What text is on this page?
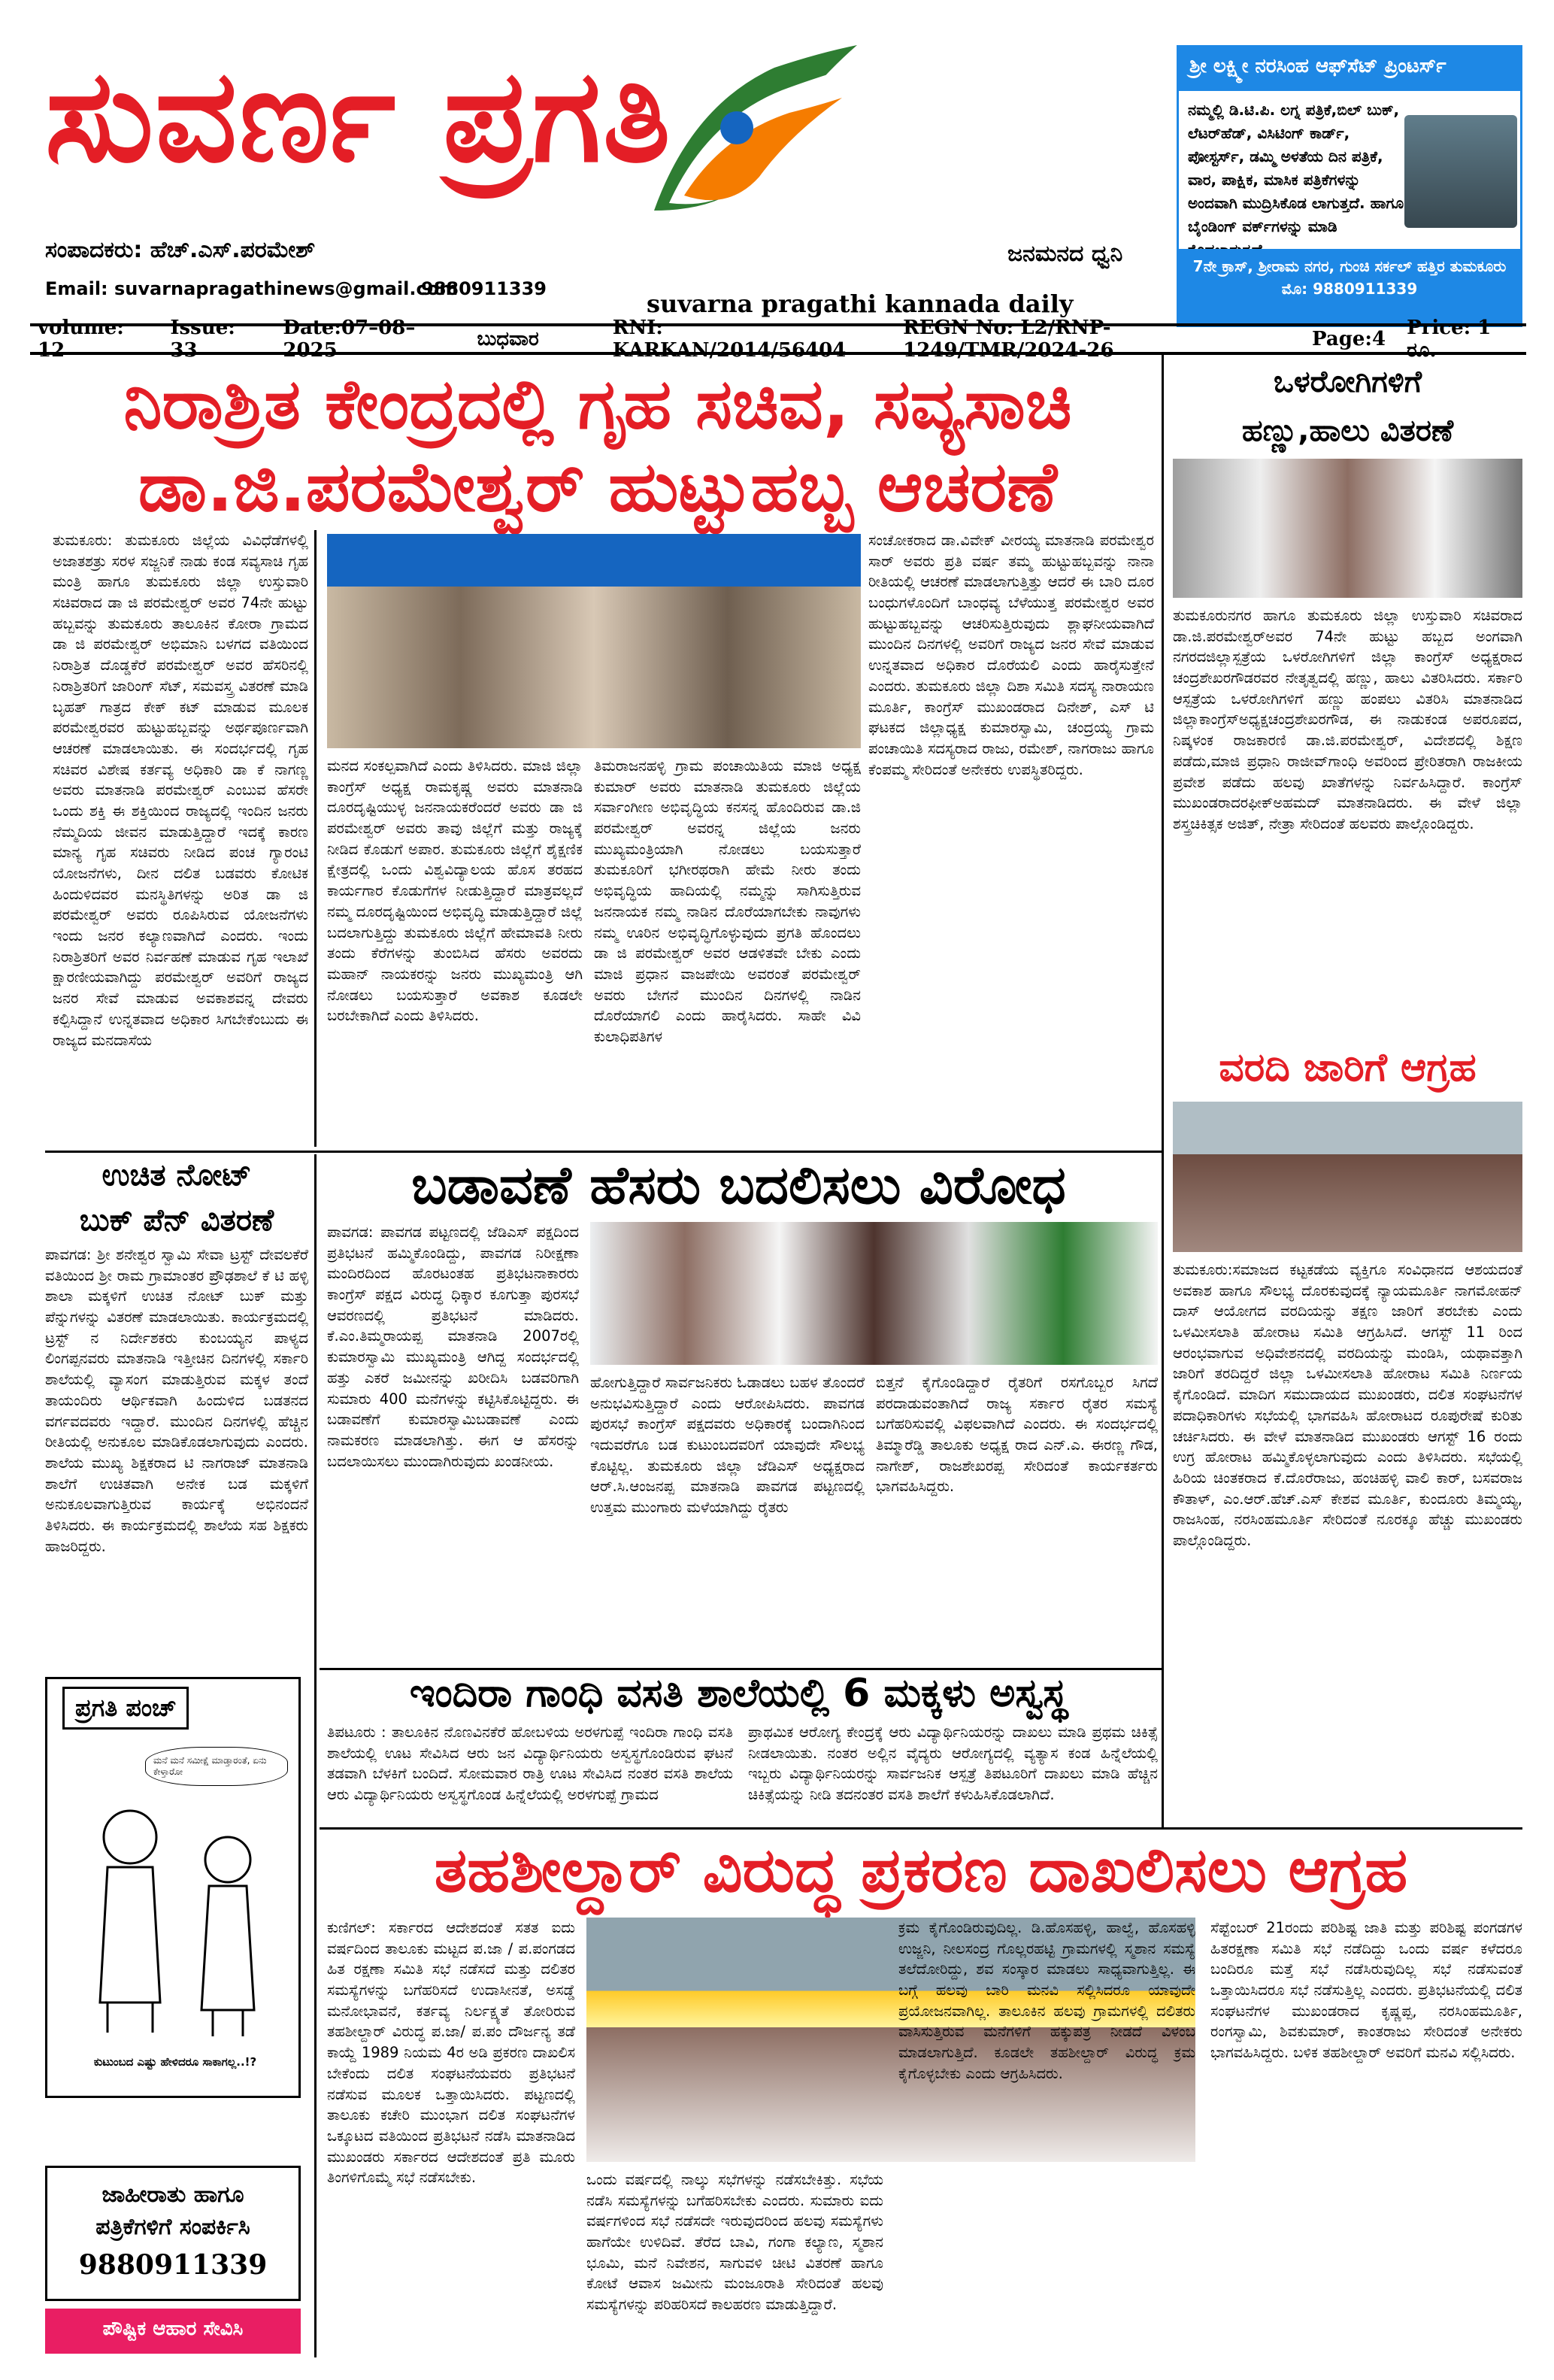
ಸುವರ್ಣ ಪ್ರಗತಿ
ಸಂಪಾದಕರು: ಹೆಚ್.ಎಸ್.ಪರಮೇಶ್
Email: suvarnapragathinews@gmail.com
9880911339
ಜನಮನದ ಧ್ವನಿ
suvarna pragathi kannada daily
ಶ್ರೀ ಲಕ್ಷ್ಮೀ ನರಸಿಂಹ ಆಫ್‌ಸೆಟ್ ಪ್ರಿಂಟರ್ಸ್
ನಮ್ಮಲ್ಲಿ ಡಿ.ಟಿ.ಪಿ. ಲಗ್ನ ಪತ್ರಿಕೆ,ಬಿಲ್ ಬುಕ್, ಲೆಟರ್‌ಹೆಡ್, ವಿಸಿಟಿಂಗ್ ಕಾರ್ಡ್, ಪೋಸ್ಟರ್ಸ್, ಡಮ್ಮಿ ಅಳತೆಯ ದಿನ ಪತ್ರಿಕೆ, ವಾರ, ಪಾಕ್ಷಿಕ, ಮಾಸಿಕ ಪತ್ರಿಕೆಗಳನ್ನು ಅಂದವಾಗಿ ಮುದ್ರಿಸಿಕೊಡ ಲಾಗುತ್ತದೆ. ಹಾಗೂ ಬೈಂಡಿಂಗ್ ವರ್ಕ್‌ಗಳನ್ನು ಮಾಡಿ
7ನೇ ಕ್ರಾಸ್, ಶ್ರೀರಾಮ ನಗರ, ಗುಂಚಿ ಸರ್ಕಲ್ ಹತ್ತಿರ ತುಮಕೂರು ಮೊ: 9880911339
volume: 12
Issue: 33
Date:07–08–2025
ಬುಧವಾರ	RNI: KARKAN/2014/56404
REGN No: L2/RNP-1249/TMR/2024-26	Page:4
Price: 1 ರೂ.
ನಿರಾಶ್ರಿತ ಕೇಂದ್ರದಲ್ಲಿ ಗೃಹ ಸಚಿವ, ಸವ್ಯಸಾಚಿ
ಡಾ.ಜಿ.ಪರಮೇಶ್ವರ್ ಹುಟ್ಟುಹಬ್ಬ ಆಚರಣೆ
ತುಮಕೂರು: ತುಮಕೂರು ಜಿಲ್ಲೆಯ ವಿವಿಧೆಡೆಗಳಲ್ಲಿ ಅಜಾತಶತ್ರು ಸರಳ ಸಜ್ಜನಿಕೆ ನಾಡು ಕಂಡ ಸವ್ಯಸಾಚಿ ಗೃಹ ಮಂತ್ರಿ ಹಾಗೂ ತುಮಕೂರು ಜಿಲ್ಲಾ ಉಸ್ತುವಾರಿ ಸಚಿವರಾದ ಡಾ ಜಿ ಪರಮೇಶ್ವರ್ ಅವರ 74ನೇ ಹುಟ್ಟು ಹಬ್ಬವನ್ನು ತುಮಕೂರು ತಾಲೂಕಿನ ಕೋರಾ ಗ್ರಾಮದ ಡಾ ಜಿ ಪರಮೇಶ್ವರ್ ಅಭಿಮಾನಿ ಬಳಗದ ವತಿಯಿಂದ ನಿರಾಶ್ರಿತ ದೊಡ್ಡಕೆರೆ ಪರಮೇಶ್ವರ್ ಅವರ ಹೆಸರಿನಲ್ಲಿ ನಿರಾಶ್ರಿತರಿಗೆ ಜಾರಿಂಗ್ ಸೆಟ್, ಸಮವಸ್ತ್ರ ವಿತರಣೆ ಮಾಡಿ ಬೃಹತ್ ಗಾತ್ರದ ಕೇಕ್ ಕಟ್ ಮಾಡುವ ಮೂಲಕ ಪರಮೇಶ್ವರವರ ಹುಟ್ಟುಹಬ್ಬವನ್ನು ಅರ್ಥಪೂರ್ಣವಾಗಿ ಆಚರಣೆ ಮಾಡಲಾಯಿತು. ಈ ಸಂದರ್ಭದಲ್ಲಿ ಗೃಹ ಸಚಿವರ ವಿಶೇಷ ಕರ್ತವ್ಯ ಅಧಿಕಾರಿ ಡಾ ಕೆ ನಾಗಣ್ಣ ಅವರು ಮಾತನಾಡಿ ಪರಮೇಶ್ವರ್ ಎಂಬುವ ಹೆಸರೇ ಒಂದು ಶಕ್ತಿ ಈ ಶಕ್ತಿಯಿಂದ ರಾಜ್ಯದಲ್ಲಿ ಇಂದಿನ ಜನರು ನೆಮ್ಮದಿಯ ಜೀವನ ಮಾಡುತ್ತಿದ್ದಾರೆ ಇದಕ್ಕೆ ಕಾರಣ ಮಾನ್ಯ ಗೃಹ ಸಚಿವರು ನೀಡಿದ ಪಂಚ ಗ್ಯಾರಂಟಿ ಯೋಜನೆಗಳು, ದೀನ ದಲಿತ ಬಡವರು ಕೋಟಿಕ ಹಿಂದುಳಿದವರ ಮನಸ್ಥಿತಿಗಳನ್ನು ಅರಿತ ಡಾ ಜಿ ಪರಮೇಶ್ವರ್ ಅವರು ರೂಪಿಸಿರುವ ಯೋಜನೆಗಳು ಇಂದು ಜನರ ಕಲ್ಯಾಣವಾಗಿದೆ ಎಂದರು. ಇಂದು ನಿರಾಶ್ರಿತರಿಗೆ ಅವರ ನಿರ್ವಹಣೆ ಮಾಡುವ ಗೃಹ ಇಲಾಖೆ ಕ್ಷಾರಣೀಯವಾಗಿದ್ದು ಪರಮೇಶ್ವರ್ ಅವರಿಗೆ ರಾಜ್ಯದ ಜನರ ಸೇವೆ ಮಾಡುವ ಅವಕಾಶವನ್ನ ದೇವರು ಕಲ್ಪಿಸಿದ್ದಾನೆ ಉನ್ನತವಾದ ಅಧಿಕಾರ ಸಿಗಬೇಕೆಂಬುದು ಈ ರಾಜ್ಯದ ಮನದಾಸೆಯ
ಮನದ ಸಂಕಲ್ಪವಾಗಿದೆ ಎಂದು ತಿಳಿಸಿದರು. ಮಾಜಿ ಜಿಲ್ಲಾ ಕಾಂಗ್ರೆಸ್ ಅಧ್ಯಕ್ಷ ರಾಮಕೃಷ್ಣ ಅವರು ಮಾತನಾಡಿ ದೂರದೃಷ್ಟಿಯುಳ್ಳ ಜನನಾಯಕರೆಂದರೆ ಅವರು ಡಾ ಜಿ ಪರಮೇಶ್ವರ್ ಅವರು ತಾವು ಜಿಲ್ಲೆಗೆ ಮತ್ತು ರಾಜ್ಯಕ್ಕೆ ನೀಡಿದ ಕೊಡುಗೆ ಅಪಾರ. ತುಮಕೂರು ಜಿಲ್ಲೆಗೆ ಶೈಕ್ಷಣಿಕ ಕ್ಷೇತ್ರದಲ್ಲಿ ಒಂದು ವಿಶ್ವವಿದ್ಯಾಲಯ ಹೊಸ ತರಹದ ಕಾರ್ಯಗಾರ ಕೊಡುಗೆಗಳ ನೀಡುತ್ತಿದ್ದಾರೆ ಮಾತ್ರವಲ್ಲದೆ ನಮ್ಮ ದೂರದೃಷ್ಟಿಯಿಂದ ಅಭಿವೃದ್ಧಿ ಮಾಡುತ್ತಿದ್ದಾರೆ ಜಿಲ್ಲೆ ಬದಲಾಗುತ್ತಿದ್ದು ತುಮಕೂರು ಜಿಲ್ಲೆಗೆ ಹೇಮಾವತಿ ನೀರು ತಂದು ಕೆರೆಗಳನ್ನು ತುಂಬಿಸಿದ ಹೆಸರು ಅವರದು ಮಹಾನ್ ನಾಯಕರನ್ನು ಜನರು ಮುಖ್ಯಮಂತ್ರಿ ಆಗಿ ನೋಡಲು ಬಯಸುತ್ತಾರೆ ಅವಕಾಶ ಕೂಡಲೇ ಬರಬೇಕಾಗಿದೆ ಎಂದು ತಿಳಿಸಿದರು.
ತಿಮರಾಜನಹಳ್ಳಿ ಗ್ರಾಮ ಪಂಚಾಯಿತಿಯ ಮಾಜಿ ಅಧ್ಯಕ್ಷ ಕುಮಾರ್ ಅವರು ಮಾತನಾಡಿ ತುಮಕೂರು ಜಿಲ್ಲೆಯ ಸರ್ವಾಂಗೀಣ ಅಭಿವೃದ್ಧಿಯ ಕನಸನ್ನ ಹೊಂದಿರುವ ಡಾ.ಜಿ ಪರಮೇಶ್ವರ್ ಅವರನ್ನ ಜಿಲ್ಲೆಯ ಜನರು ಮುಖ್ಯಮಂತ್ರಿಯಾಗಿ ನೋಡಲು ಬಯಸುತ್ತಾರೆ ತುಮಕೂರಿಗೆ ಭಗೀರಥರಾಗಿ ಹೇಮೆ ನೀರು ತಂದು ಅಭಿವೃದ್ಧಿಯ ಹಾದಿಯಲ್ಲಿ ನಮ್ಮನ್ನು ಸಾಗಿಸುತ್ತಿರುವ ಜನನಾಯಕ ನಮ್ಮ ನಾಡಿನ ದೊರೆಯಾಗಬೇಕು ನಾವುಗಳು ನಮ್ಮ ಊರಿನ ಅಭಿವೃದ್ಧಿಗೊಳ್ಳುವುದು ಪ್ರಗತಿ ಹೊಂದಲು ಡಾ ಜಿ ಪರಮೇಶ್ವರ್ ಅವರ ಆಡಳಿತವೇ ಬೇಕು ಎಂದು ಮಾಜಿ ಪ್ರಧಾನ ವಾಜಪೇಯಿ ಅವರಂತೆ ಪರಮೇಶ್ವರ್ ಅವರು ಬೇಗನೆ ಮುಂದಿನ ದಿನಗಳಲ್ಲಿ ನಾಡಿನ ದೊರೆಯಾಗಲಿ ಎಂದು ಹಾರೈಸಿದರು. ಸಾಹೇ ವಿವಿ ಕುಲಾಧಿಪತಿಗಳ
ಸಂಚೋಕರಾದ ಡಾ.ವಿವೇಕ್ ವೀರಯ್ಯ ಮಾತನಾಡಿ ಪರಮೇಶ್ವರ ಸಾರ್ ಅವರು ಪ್ರತಿ ವರ್ಷ ತಮ್ಮ ಹುಟ್ಟುಹಬ್ಬವನ್ನು ನಾನಾ ರೀತಿಯಲ್ಲಿ ಆಚರಣೆ ಮಾಡಲಾಗುತ್ತಿತ್ತು ಆದರೆ ಈ ಬಾರಿ ದೂರ ಬಂಧುಗಳೊಂದಿಗೆ ಬಾಂಧವ್ಯ ಬೆಳೆಯುತ್ತ ಪರಮೇಶ್ವರ ಅವರ ಹುಟ್ಟುಹಬ್ಬವನ್ನು ಆಚರಿಸುತ್ತಿರುವುದು ಶ್ಲಾಘನೀಯವಾಗಿದೆ ಮುಂದಿನ ದಿನಗಳಲ್ಲಿ ಅವರಿಗೆ ರಾಜ್ಯದ ಜನರ ಸೇವೆ ಮಾಡುವ ಉನ್ನತವಾದ ಅಧಿಕಾರ ದೊರೆಯಲಿ ಎಂದು ಹಾರೈಸುತ್ತೇನೆ ಎಂದರು. ತುಮಕೂರು ಜಿಲ್ಲಾ ದಿಶಾ ಸಮಿತಿ ಸದಸ್ಯ ನಾರಾಯಣ ಮೂರ್ತಿ, ಕಾಂಗ್ರೆಸ್ ಮುಖಂಡರಾದ ದಿನೇಶ್, ಎಸ್ ಟಿ ಘಟಕದ ಜಿಲ್ಲಾಧ್ಯಕ್ಷ ಕುಮಾರಸ್ವಾಮಿ, ಚಂದ್ರಯ್ಯ ಗ್ರಾಮ ಪಂಚಾಯಿತಿ ಸದಸ್ಯರಾದ ರಾಜು, ರಮೇಶ್, ನಾಗರಾಜು ಹಾಗೂ ಕೆಂಪಮ್ಮ ಸೇರಿದಂತೆ ಅನೇಕರು ಉಪಸ್ಥಿತರಿದ್ದರು.
ಒಳರೋಗಿಗಳಿಗೆ
ಹಣ್ಣು,ಹಾಲು ವಿತರಣೆ
ತುಮಕೂರುನಗರ ಹಾಗೂ ತುಮಕೂರು ಜಿಲ್ಲಾ ಉಸ್ತುವಾರಿ ಸಚಿವರಾದ ಡಾ.ಜಿ.ಪರಮೇಶ್ವರ್‌ಅವರ 74ನೇ ಹುಟ್ಟು ಹಬ್ಬದ ಅಂಗವಾಗಿ ನಗರದಜಿಲ್ಲಾಸ್ಪತ್ರೆಯ ಒಳರೋಗಿಗಳಿಗೆ ಜಿಲ್ಲಾ ಕಾಂಗ್ರೆಸ್ ಅಧ್ಯಕ್ಷರಾದ ಚಂದ್ರಶೇಖರಗೌಡರವರ ನೇತೃತ್ವದಲ್ಲಿ ಹಣ್ಣು, ಹಾಲು ವಿತರಿಸಿದರು. ಸರ್ಕಾರಿ ಆಸ್ಪತ್ರೆಯ ಒಳರೋಗಿಗಳಿಗೆ ಹಣ್ಣು ಹಂಪಲು ವಿತರಿಸಿ ಮಾತನಾಡಿದ ಜಿಲ್ಲಾಕಾಂಗ್ರೆಸ್‌ಅಧ್ಯಕ್ಷಚಂದ್ರಶೇಖರಗೌಡ, ಈ ನಾಡುಕಂಡ ಅಪರೂಪದ, ನಿಷ್ಕಳಂಕ ರಾಜಕಾರಣಿ ಡಾ.ಜಿ.ಪರಮೇಶ್ವರ್, ವಿದೇಶದಲ್ಲಿ ಶಿಕ್ಷಣ ಪಡೆದು,ಮಾಜಿ ಪ್ರಧಾನಿ ರಾಜೀವ್‌ಗಾಂಧಿ ಅವರಿಂದ ಪ್ರೇರಿತರಾಗಿ ರಾಜಕೀಯ ಪ್ರವೇಶ ಪಡೆದು ಹಲವು ಖಾತೆಗಳನ್ನು ನಿರ್ವಹಿಸಿದ್ದಾರೆ. ಕಾಂಗ್ರೆಸ್ ಮುಖಂಡರಾದರಫೀಕ್‌ಅಹಮದ್ ಮಾತನಾಡಿದರು. ಈ ವೇಳೆ ಜಿಲ್ಲಾ ಶಸ್ತ್ರಚಿಕಿತ್ಸಕ ಅಜಿತ್, ನೇತ್ರಾ ಸೇರಿದಂತೆ ಹಲವರು ಪಾಲ್ಗೊಂಡಿದ್ದರು.
ವರದಿ ಜಾರಿಗೆ ಆಗ್ರಹ
ತುಮಕೂರು:ಸಮಾಜದ ಕಟ್ಟಕಡೆಯ ವ್ಯಕ್ತಿಗೂ ಸಂವಿಧಾನದ ಆಶಯದಂತೆ ಅವಕಾಶ ಹಾಗೂ ಸೌಲಭ್ಯ ದೊರಕುವುದಕ್ಕೆ ನ್ಯಾಯಮೂರ್ತಿ ನಾಗಮೋಹನ್ ದಾಸ್ ಆಯೋಗದ ವರದಿಯನ್ನು ತಕ್ಷಣ ಜಾರಿಗೆ ತರಬೇಕು ಎಂದು ಒಳಮೀಸಲಾತಿ ಹೋರಾಟ ಸಮಿತಿ ಆಗ್ರಹಿಸಿದೆ. ಆಗಸ್ಟ್ 11 ರಿಂದ ಆರಂಭವಾಗುವ ಅಧಿವೇಶನದಲ್ಲಿ ವರದಿಯನ್ನು ಮಂಡಿಸಿ, ಯಥಾವತ್ತಾಗಿ ಜಾರಿಗೆ ತರದಿದ್ದರೆ ಜಿಲ್ಲಾ ಒಳಮೀಸಲಾತಿ ಹೋರಾಟ ಸಮಿತಿ ನಿರ್ಣಯ ಕೈಗೊಂಡಿದೆ. ಮಾದಿಗ ಸಮುದಾಯದ ಮುಖಂಡರು, ದಲಿತ ಸಂಘಟನೆಗಳ ಪದಾಧಿಕಾರಿಗಳು ಸಭೆಯಲ್ಲಿ ಭಾಗವಹಿಸಿ ಹೋರಾಟದ ರೂಪುರೇಷೆ ಕುರಿತು ಚರ್ಚಿಸಿದರು. ಈ ವೇಳೆ ಮಾತನಾಡಿದ ಮುಖಂಡರು ಆಗಸ್ಟ್ 16 ರಂದು ಉಗ್ರ ಹೋರಾಟ ಹಮ್ಮಿಕೊಳ್ಳಲಾಗುವುದು ಎಂದು ತಿಳಿಸಿದರು. ಸಭೆಯಲ್ಲಿ ಹಿರಿಯ ಚಿಂತಕರಾದ ಕೆ.ದೊರೆರಾಜು, ಹಂಚಿಹಳ್ಳಿ ವಾಲಿ ಕಾರ್, ಬಸವರಾಜ ಕೌತಾಳ್, ಎಂ.ಆರ್.ಹೆಚ್.ಎಸ್ ಕೇಶವ ಮೂರ್ತಿ, ಕುಂದೂರು ತಿಮ್ಮಯ್ಯ, ರಾಜಸಿಂಹ, ನರಸಿಂಹಮೂರ್ತಿ ಸೇರಿದಂತೆ ನೂರಕ್ಕೂ ಹೆಚ್ಚು ಮುಖಂಡರು ಪಾಲ್ಗೊಂಡಿದ್ದರು.
ಉಚಿತ ನೋಟ್
ಬುಕ್ ಪೆನ್ ವಿತರಣೆ
ಪಾವಗಡ: ಶ್ರೀ ಶನೇಶ್ವರ ಸ್ವಾಮಿ ಸೇವಾ ಟ್ರಸ್ಟ್ ದೇವಲಕೆರೆ ವತಿಯಿಂದ ಶ್ರೀ ರಾಮ ಗ್ರಾಮಾಂತರ ಪ್ರೌಢಶಾಲೆ ಕೆ ಟಿ ಹಳ್ಳಿ ಶಾಲಾ ಮಕ್ಕಳಿಗೆ ಉಚಿತ ನೋಟ್ ಬುಕ್ ಮತ್ತು ಪೆನ್ನುಗಳನ್ನು ವಿತರಣೆ ಮಾಡಲಾಯಿತು. ಕಾರ್ಯಕ್ರಮದಲ್ಲಿ ಟ್ರಸ್ಟ್ ನ ನಿರ್ದೇಶಕರು ಕುಂಬಯ್ಯನ ಪಾಳ್ಯದ ಲಿಂಗಪ್ಪನವರು ಮಾತನಾಡಿ ಇತ್ತೀಚಿನ ದಿನಗಳಲ್ಲಿ ಸರ್ಕಾರಿ ಶಾಲೆಯಲ್ಲಿ ವ್ಯಾಸಂಗ ಮಾಡುತ್ತಿರುವ ಮಕ್ಕಳ ತಂದೆ ತಾಯಂದಿರು ಆರ್ಥಿಕವಾಗಿ ಹಿಂದುಳಿದ ಬಡತನದ ವರ್ಗವದವರು ಇದ್ದಾರೆ. ಮುಂದಿನ ದಿನಗಳಲ್ಲಿ ಹೆಚ್ಚಿನ ರೀತಿಯಲ್ಲಿ ಅನುಕೂಲ ಮಾಡಿಕೊಡಲಾಗುವುದು ಎಂದರು. ಶಾಲೆಯ ಮುಖ್ಯ ಶಿಕ್ಷಕರಾದ ಟಿ ನಾಗರಾಜ್ ಮಾತನಾಡಿ ಶಾಲೆಗೆ ಉಚಿತವಾಗಿ ಅನೇಕ ಬಡ ಮಕ್ಕಳಿಗೆ ಅನುಕೂಲವಾಗುತ್ತಿರುವ ಕಾರ್ಯಕ್ಕೆ ಅಭಿನಂದನೆ ತಿಳಿಸಿದರು. ಈ ಕಾರ್ಯಕ್ರಮದಲ್ಲಿ ಶಾಲೆಯ ಸಹ ಶಿಕ್ಷಕರು ಹಾಜರಿದ್ದರು.
ಬಡಾವಣೆ ಹೆಸರು ಬದಲಿಸಲು ವಿರೋಧ
ಪಾವಗಡ: ಪಾವಗಡ ಪಟ್ಟಣದಲ್ಲಿ ಜೆಡಿಎಸ್ ಪಕ್ಷದಿಂದ ಪ್ರತಿಭಟನೆ ಹಮ್ಮಿಕೊಂಡಿದ್ದು, ಪಾವಗಡ ನಿರೀಕ್ಷಣಾ ಮಂದಿರದಿಂದ ಹೊರಟಂತಹ ಪ್ರತಿಭಟನಾಕಾರರು ಕಾಂಗ್ರೆಸ್ ಪಕ್ಷದ ವಿರುದ್ಧ ಧಿಕ್ಕಾರ ಕೂಗುತ್ತಾ ಪುರಸಭೆ ಆವರಣದಲ್ಲಿ ಪ್ರತಿಭಟನೆ ಮಾಡಿದರು. ಕೆ.ಎಂ.ತಿಮ್ಮರಾಯಪ್ಪ ಮಾತನಾಡಿ 2007ರಲ್ಲಿ ಕುಮಾರಸ್ವಾಮಿ ಮುಖ್ಯಮಂತ್ರಿ ಆಗಿದ್ದ ಸಂದರ್ಭದಲ್ಲಿ ಹತ್ತು ಎಕರೆ ಜಮೀನನ್ನು ಖರೀದಿಸಿ ಬಡವರಿಗಾಗಿ ಸುಮಾರು 400 ಮನೆಗಳನ್ನು ಕಟ್ಟಿಸಿಕೊಟ್ಟಿದ್ದರು. ಈ ಬಡಾವಣೆಗೆ ಕುಮಾರಸ್ವಾಮಿಬಡಾವಣೆ ಎಂದು ನಾಮಕರಣ ಮಾಡಲಾಗಿತ್ತು. ಈಗ ಆ ಹೆಸರನ್ನು ಬದಲಾಯಿಸಲು ಮುಂದಾಗಿರುವುದು ಖಂಡನೀಯ.
ಹೋಗುತ್ತಿದ್ದಾರೆ ಸಾರ್ವಜನಿಕರು ಓಡಾಡಲು ಬಹಳ ತೊಂದರೆ ಅನುಭವಿಸುತ್ತಿದ್ದಾರೆ ಎಂದು ಆರೋಪಿಸಿದರು. ಪಾವಗಡ ಪುರಸಭೆ ಕಾಂಗ್ರೆಸ್ ಪಕ್ಷದವರು ಅಧಿಕಾರಕ್ಕೆ ಬಂದಾಗಿನಿಂದ ಇದುವರೆಗೂ ಬಡ ಕುಟುಂಬದವರಿಗೆ ಯಾವುದೇ ಸೌಲಭ್ಯ ಕೊಟ್ಟಿಲ್ಲ. ತುಮಕೂರು ಜಿಲ್ಲಾ ಜೆಡಿಎಸ್ ಅಧ್ಯಕ್ಷರಾದ ಆರ್.ಸಿ.ಆಂಜನಪ್ಪ ಮಾತನಾಡಿ ಪಾವಗಡ ಪಟ್ಟಣದಲ್ಲಿ ಉತ್ತಮ ಮುಂಗಾರು ಮಳೆಯಾಗಿದ್ದು ರೈತರು
ಬಿತ್ತನೆ ಕೈಗೊಂಡಿದ್ದಾರೆ ರೈತರಿಗೆ ರಸಗೊಬ್ಬರ ಸಿಗದೆ ಪರದಾಡುವಂತಾಗಿದೆ ರಾಜ್ಯ ಸರ್ಕಾರ ರೈತರ ಸಮಸ್ಯೆ ಬಗೆಹರಿಸುವಲ್ಲಿ ವಿಫಲವಾಗಿದೆ ಎಂದರು. ಈ ಸಂದರ್ಭದಲ್ಲಿ ತಿಮ್ಮಾರೆಡ್ಡಿ ತಾಲೂಕು ಅಧ್ಯಕ್ಷ ರಾದ ಎನ್.ಎ. ಈರಣ್ಣ ಗೌಡ, ನಾಗೇಶ್, ರಾಜಶೇಖರಪ್ಪ ಸೇರಿದಂತೆ ಕಾರ್ಯಕರ್ತರು ಭಾಗವಹಿಸಿದ್ದರು.
ಇಂದಿರಾ ಗಾಂಧಿ ವಸತಿ ಶಾಲೆಯಲ್ಲಿ 6 ಮಕ್ಕಳು ಅಸ್ವಸ್ಥ
ತಿಪಟೂರು : ತಾಲೂಕಿನ ನೊಣವಿನಕೆರೆ ಹೋಬಳಿಯ ಅರಳಗುಪ್ಪೆ ಇಂದಿರಾ ಗಾಂಧಿ ವಸತಿ ಶಾಲೆಯಲ್ಲಿ ಊಟ ಸೇವಿಸಿದ ಆರು ಜನ ವಿದ್ಯಾರ್ಥಿನಿಯರು ಅಸ್ವಸ್ಥಗೊಂಡಿರುವ ಘಟನೆ ತಡವಾಗಿ ಬೆಳಕಿಗೆ ಬಂದಿದೆ. ಸೋಮವಾರ ರಾತ್ರಿ ಊಟ ಸೇವಿಸಿದ ನಂತರ ವಸತಿ ಶಾಲೆಯ ಆರು ವಿದ್ಯಾರ್ಥಿನಿಯರು ಅಸ್ವಸ್ಥಗೊಂಡ ಹಿನ್ನೆಲೆಯಲ್ಲಿ ಅರಳಗುಪ್ಪೆ ಗ್ರಾಮದ
ಪ್ರಾಥಮಿಕ ಆರೋಗ್ಯ ಕೇಂದ್ರಕ್ಕೆ ಆರು ವಿದ್ಯಾರ್ಥಿನಿಯರನ್ನು ದಾಖಲು ಮಾಡಿ ಪ್ರಥಮ ಚಿಕಿತ್ಸೆ ನೀಡಲಾಯಿತು. ನಂತರ ಅಲ್ಲಿನ ವೈದ್ಯರು ಆರೋಗ್ಯದಲ್ಲಿ ವ್ಯತ್ಯಾಸ ಕಂಡ ಹಿನ್ನೆಲೆಯಲ್ಲಿ ಇಬ್ಬರು ವಿದ್ಯಾರ್ಥಿನಿಯರನ್ನು ಸಾರ್ವಜನಿಕ ಆಸ್ಪತ್ರೆ ತಿಪಟೂರಿಗೆ ದಾಖಲು ಮಾಡಿ ಹೆಚ್ಚಿನ ಚಿಕಿತ್ಸೆಯನ್ನು ನೀಡಿ ತದನಂತರ ವಸತಿ ಶಾಲೆಗೆ ಕಳುಹಿಸಿಕೊಡಲಾಗಿದೆ.
ತಹಶೀಲ್ದಾರ್ ವಿರುದ್ಧ ಪ್ರಕರಣ ದಾಖಲಿಸಲು ಆಗ್ರಹ
ಕುಣಿಗಲ್: ಸರ್ಕಾರದ ಆದೇಶದಂತೆ ಸತತ ಐದು ವರ್ಷದಿಂದ ತಾಲೂಕು ಮಟ್ಟದ ಪ.ಜಾ / ಪ.ಪಂಗಡದ ಹಿತ ರಕ್ಷಣಾ ಸಮಿತಿ ಸಭೆ ನಡೆಸದೆ ಮತ್ತು ದಲಿತರ ಸಮಸ್ಯೆಗಳನ್ನು ಬಗೆಹರಿಸದೆ ಉದಾಸೀನತೆ, ಅಸಡ್ಡೆ ಮನೋಭಾವನೆ, ಕರ್ತವ್ಯ ನಿರ್ಲಕ್ಷ್ಯತೆ ತೋರಿರುವ ತಹಶೀಲ್ದಾರ್ ವಿರುದ್ಧ ಪ.ಜಾ/ ಪ.ಪಂ ದೌರ್ಜನ್ಯ ತಡೆ ಕಾಯ್ದೆ 1989 ನಿಯಮ 4ರ ಅಡಿ ಪ್ರಕರಣ ದಾಖಲಿಸ ಬೇಕೆಂದು ದಲಿತ ಸಂಘಟನೆಯವರು ಪ್ರತಿಭಟನೆ ನಡೆಸುವ ಮೂಲಕ ಒತ್ತಾಯಿಸಿದರು. ಪಟ್ಟಣದಲ್ಲಿ ತಾಲೂಕು ಕಚೇರಿ ಮುಂಭಾಗ ದಲಿತ ಸಂಘಟನೆಗಳ ಒಕ್ಕೂಟದ ವತಿಯಿಂದ ಪ್ರತಿಭಟನೆ ನಡೆಸಿ ಮಾತನಾಡಿದ ಮುಖಂಡರು ಸರ್ಕಾರದ ಆದೇಶದಂತೆ ಪ್ರತಿ ಮೂರು ತಿಂಗಳಿಗೊಮ್ಮೆ ಸಭೆ ನಡೆಸಬೇಕು.	ಒಂದು ವರ್ಷದಲ್ಲಿ ನಾಲ್ಕು ಸಭೆಗಳನ್ನು ನಡೆಸಬೇಕಿತ್ತು. ಸಭೆಯ ನಡೆಸಿ ಸಮಸ್ಯೆಗಳನ್ನು ಬಗೆಹರಿಸಬೇಕು ಎಂದರು. ಸುಮಾರು ಐದು ವರ್ಷಗಳಿಂದ ಸಭೆ ನಡೆಸದೇ ಇರುವುದರಿಂದ ಹಲವು ಸಮಸ್ಯೆಗಳು ಹಾಗೆಯೇ ಉಳಿದಿವೆ. ತೆರೆದ ಬಾವಿ, ಗಂಗಾ ಕಲ್ಯಾಣ, ಸ್ಮಶಾನ ಭೂಮಿ, ಮನೆ ನಿವೇಶನ, ಸಾಗುವಳಿ ಚೀಟಿ ವಿತರಣೆ ಹಾಗೂ ಕೋಟೆ ಆವಾಸ ಜಮೀನು ಮಂಜೂರಾತಿ ಸೇರಿದಂತೆ ಹಲವು ಸಮಸ್ಯೆಗಳನ್ನು ಪರಿಹರಿಸದೆ ಕಾಲಹರಣ ಮಾಡುತ್ತಿದ್ದಾರೆ.
ಕ್ರಮ ಕೈಗೊಂಡಿರುವುದಿಲ್ಲ. ಡಿ.ಹೊಸಹಳ್ಳಿ, ಹಾಲ್ವೆ, ಹೊಸಹಳ್ಳಿ ಉಜ್ಜನಿ, ನೀಲಸಂದ್ರ ಗೊಲ್ಲರಹಟ್ಟಿ ಗ್ರಾಮಗಳಲ್ಲಿ ಸ್ಮಶಾನ ಸಮಸ್ಯೆ ತಲೆದೋರಿದ್ದು, ಶವ ಸಂಸ್ಕಾರ ಮಾಡಲು ಸಾಧ್ಯವಾಗುತ್ತಿಲ್ಲ. ಈ ಬಗ್ಗೆ ಹಲವು ಬಾರಿ ಮನವಿ ಸಲ್ಲಿಸಿದರೂ ಯಾವುದೇ ಪ್ರಯೋಜನವಾಗಿಲ್ಲ. ತಾಲೂಕಿನ ಹಲವು ಗ್ರಾಮಗಳಲ್ಲಿ ದಲಿತರು ವಾಸಿಸುತ್ತಿರುವ ಮನೆಗಳಿಗೆ ಹಕ್ಕುಪತ್ರ ನೀಡದೆ ವಿಳಂಬ ಮಾಡಲಾಗುತ್ತಿದೆ. ಕೂಡಲೇ ತಹಶೀಲ್ದಾರ್ ವಿರುದ್ಧ ಕ್ರಮ ಕೈಗೊಳ್ಳಬೇಕು ಎಂದು ಆಗ್ರಹಿಸಿದರು.
ಸೆಪ್ಟೆಂಬರ್ 21ರಂದು ಪರಿಶಿಷ್ಟ ಜಾತಿ ಮತ್ತು ಪರಿಶಿಷ್ಟ ಪಂಗಡಗಳ ಹಿತರಕ್ಷಣಾ ಸಮಿತಿ ಸಭೆ ನಡೆದಿದ್ದು ಒಂದು ವರ್ಷ ಕಳೆದರೂ ಬಂದಿರೂ ಮತ್ತೆ ಸಭೆ ನಡೆಸಿರುವುದಿಲ್ಲ ಸಭೆ ನಡೆಸುವಂತೆ ಒತ್ತಾಯಿಸಿದರೂ ಸಭೆ ನಡೆಸುತ್ತಿಲ್ಲ ಎಂದರು. ಪ್ರತಿಭಟನೆಯಲ್ಲಿ ದಲಿತ ಸಂಘಟನೆಗಳ ಮುಖಂಡರಾದ ಕೃಷ್ಣಪ್ಪ, ನರಸಿಂಹಮೂರ್ತಿ, ರಂಗಸ್ವಾಮಿ, ಶಿವಕುಮಾರ್, ಕಾಂತರಾಜು ಸೇರಿದಂತೆ ಅನೇಕರು ಭಾಗವಹಿಸಿದ್ದರು. ಬಳಿಕ ತಹಶೀಲ್ದಾರ್ ಅವರಿಗೆ ಮನವಿ ಸಲ್ಲಿಸಿದರು.
ಪ್ರಗತಿ ಪಂಚ್
ಮನೆ ಮನೆ ಸಮೀಕ್ಷೆ ಮಾಡ್ತಾರಂತೆ, ಏನು ಕೇಳ್ತಾರೋ
ಕುಟುಂಬದ ಎಷ್ಟು ಹೇಳಿದರೂ ಸಾಕಾಗಲ್ಲ..!?
ಜಾಹೀರಾತು ಹಾಗೂ
ಪತ್ರಿಕೆಗಳಿಗೆ ಸಂಪರ್ಕಿಸಿ
9880911339
ಪೌಷ್ಟಿಕ ಆಹಾರ ಸೇವಿಸಿ
